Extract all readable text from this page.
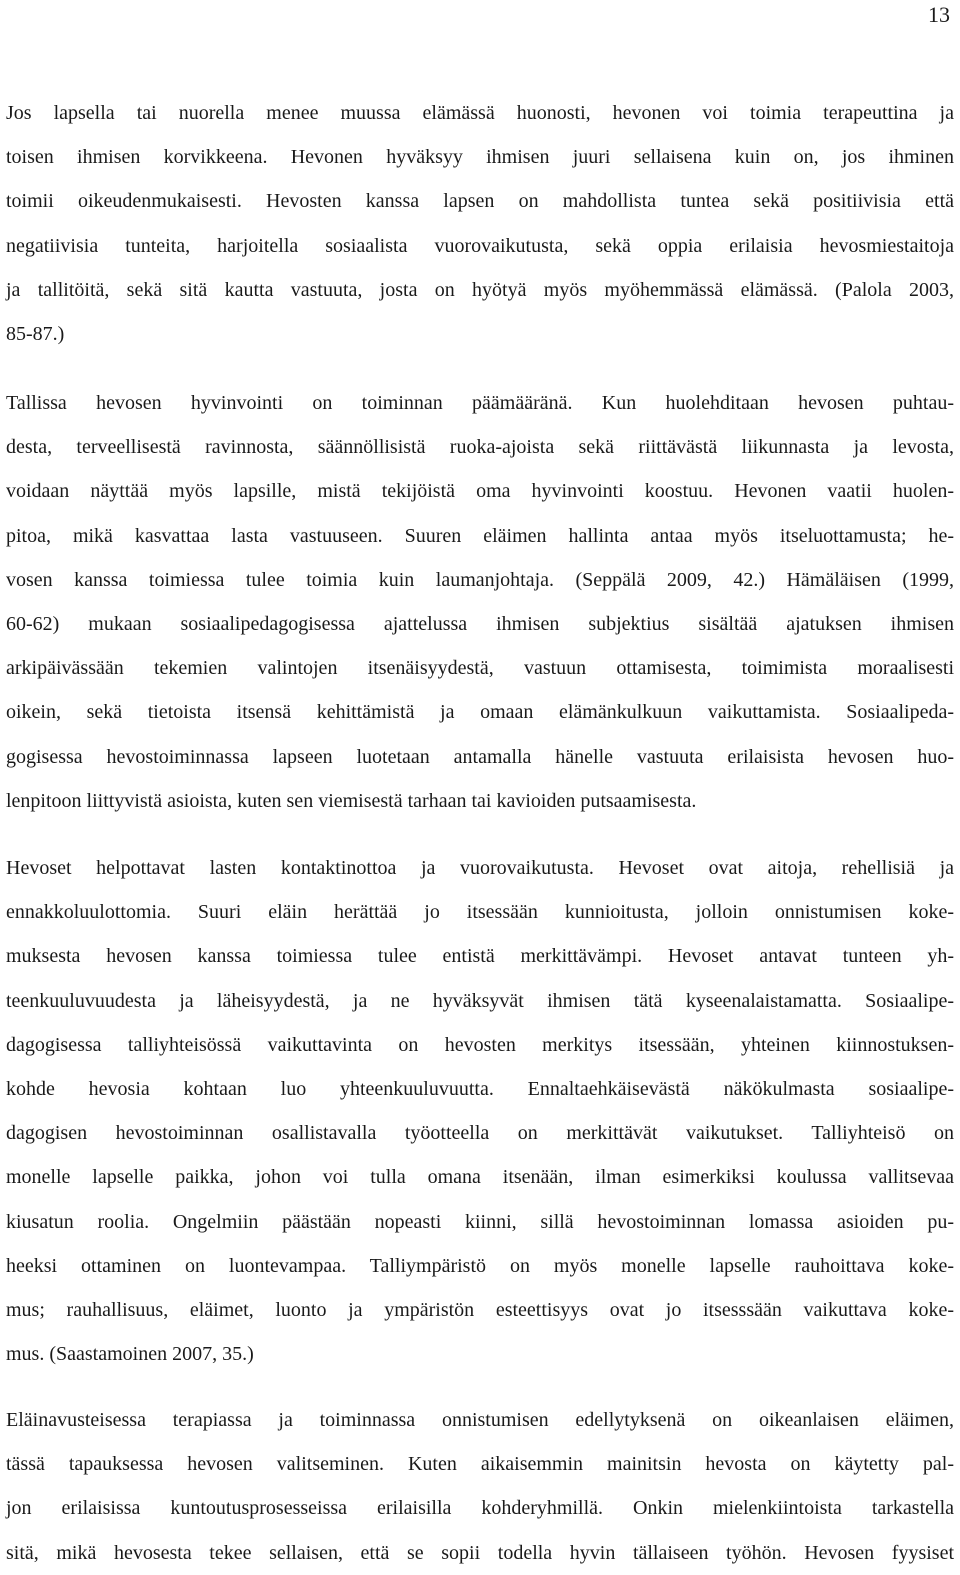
13
Jos lapsella tai nuorella menee muussa elämässä huonosti, hevonen voi toimia terapeuttina ja
toisen ihmisen korvikkeena. Hevonen hyväksyy ihmisen juuri sellaisena kuin on, jos ihminen
toimii oikeudenmukaisesti. Hevosten kanssa lapsen on mahdollista tuntea sekä positiivisia että
negatiivisia tunteita, harjoitella sosiaalista vuorovaikutusta, sekä oppia erilaisia hevosmiestaitoja
ja tallitöitä, sekä sitä kautta vastuuta, josta on hyötyä myös myöhemmässä elämässä. (Palola 2003,
85-87.)
Tallissa hevosen hyvinvointi on toiminnan päämääränä. Kun huolehditaan hevosen puhtau-
desta, terveellisestä ravinnosta, säännöllisistä ruoka-ajoista sekä riittävästä liikunnasta ja levosta,
voidaan näyttää myös lapsille, mistä tekijöistä oma hyvinvointi koostuu. Hevonen vaatii huolen-
pitoa, mikä kasvattaa lasta vastuuseen. Suuren eläimen hallinta antaa myös itseluottamusta; he-
vosen kanssa toimiessa tulee toimia kuin laumanjohtaja. (Seppälä 2009, 42.) Hämäläisen (1999,
60-62) mukaan sosiaalipedagogisessa ajattelussa ihmisen subjektius sisältää ajatuksen ihmisen
arkipäivässään tekemien valintojen itsenäisyydestä, vastuun ottamisesta, toimimista moraalisesti
oikein, sekä tietoista itsensä kehittämistä ja omaan elämänkulkuun vaikuttamista. Sosiaalipeda-
gogisessa hevostoiminnassa lapseen luotetaan antamalla hänelle vastuuta erilaisista hevosen huo-
lenpitoon liittyvistä asioista, kuten sen viemisestä tarhaan tai kavioiden putsaamisesta.
Hevoset helpottavat lasten kontaktinottoa ja vuorovaikutusta. Hevoset ovat aitoja, rehellisiä ja
ennakkoluulottomia. Suuri eläin herättää jo itsessään kunnioitusta, jolloin onnistumisen koke-
muksesta hevosen kanssa toimiessa tulee entistä merkittävämpi. Hevoset antavat tunteen yh-
teenkuuluvuudesta ja läheisyydestä, ja ne hyväksyvät ihmisen tätä kyseenalaistamatta. Sosiaalipe-
dagogisessa talliyhteisössä vaikuttavinta on hevosten merkitys itsessään, yhteinen kiinnostuksen-
kohde hevosia kohtaan luo yhteenkuuluvuutta. Ennaltaehkäisevästä näkökulmasta sosiaalipe-
dagogisen hevostoiminnan osallistavalla työotteella on merkittävät vaikutukset. Talliyhteisö on
monelle lapselle paikka, johon voi tulla omana itsenään, ilman esimerkiksi koulussa vallitsevaa
kiusatun roolia. Ongelmiin päästään nopeasti kiinni, sillä hevostoiminnan lomassa asioiden pu-
heeksi ottaminen on luontevampaa. Talliympäristö on myös monelle lapselle rauhoittava koke-
mus; rauhallisuus, eläimet, luonto ja ympäristön esteettisyys ovat jo itsesssään vaikuttava koke-
mus. (Saastamoinen 2007, 35.)
Eläinavusteisessa terapiassa ja toiminnassa onnistumisen edellytyksenä on oikeanlaisen eläimen,
tässä tapauksessa hevosen valitseminen. Kuten aikaisemmin mainitsin hevosta on käytetty pal-
jon erilaisissa kuntoutusprosesseissa erilaisilla kohderyhmillä. Onkin mielenkiintoista tarkastella
sitä, mikä hevosesta tekee sellaisen, että se sopii todella hyvin tällaiseen työhön. Hevosen fyysiset
